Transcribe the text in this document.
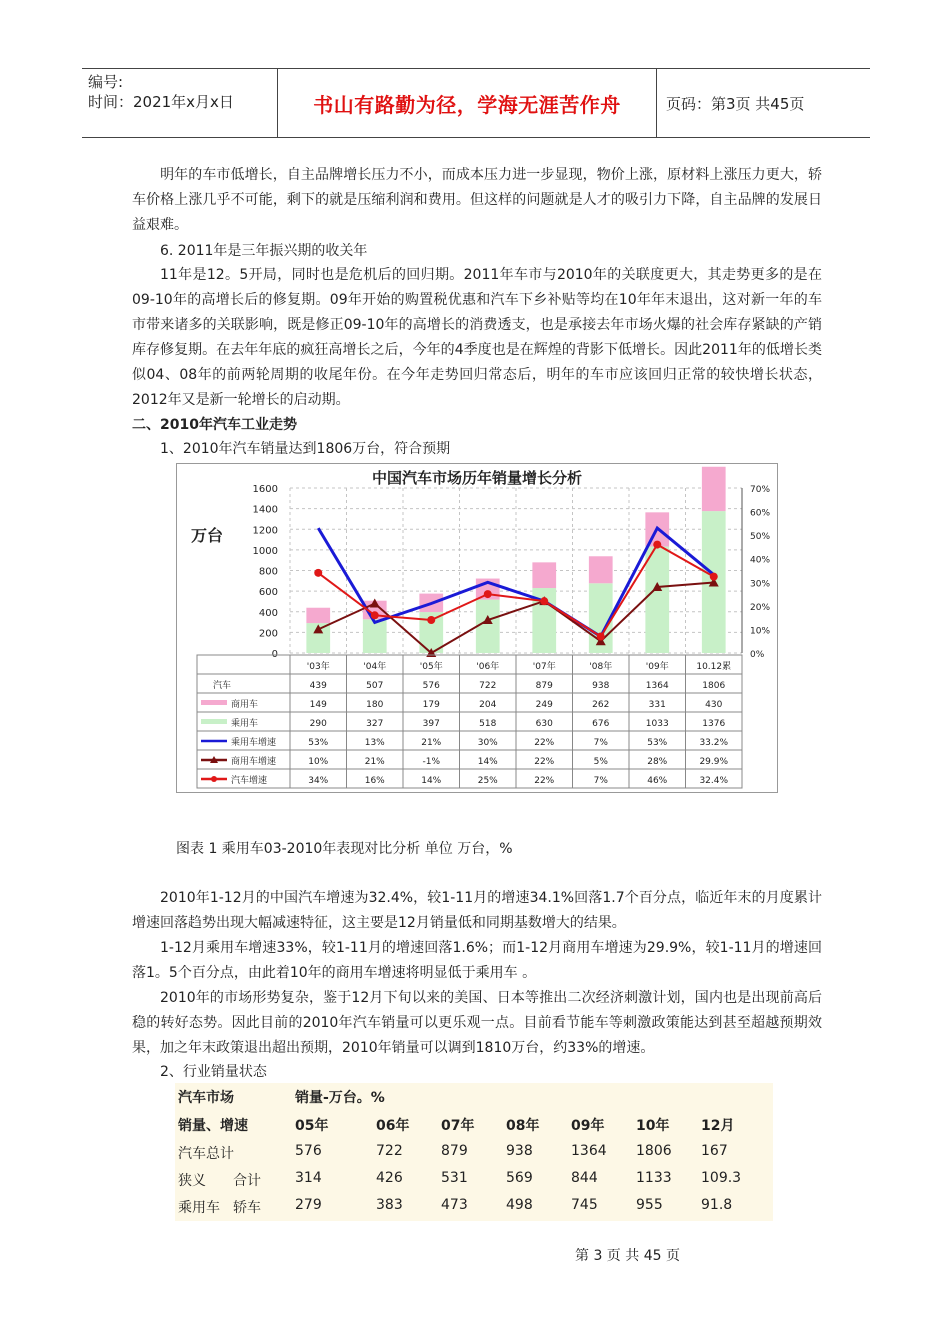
编号:
时间：2021年x月x日	书山有路勤为径，学海无涯苦作舟	页码：第3页 共45页
明年的车市低增长，自主品牌增长压力不小，而成本压力进一步显现，物价上涨，原材料上涨压力更大，轿车价格上涨几乎不可能，剩下的就是压缩利润和费用。但这样的问题就是人才的吸引力下降，自主品牌的发展日益艰难。
6. 2011年是三年振兴期的收关年
11年是12。5开局，同时也是危机后的回归期。2011年车市与2010年的关联度更大，其走势更多的是在09-10年的高增长后的修复期。09年开始的购置税优惠和汽车下乡补贴等均在10年年末退出，这对新一年的车市带来诸多的关联影响，既是修正09-10年的高增长的消费透支，也是承接去年市场火爆的社会库存紧缺的产销库存修复期。在去年年底的疯狂高增长之后，今年的4季度也是在辉煌的背影下低增长。因此2011年的低增长类似04、08年的前两轮周期的收尾年份。在今年走势回归常态后，明年的车市应该回归正常的较快增长状态，2012年又是新一轮增长的启动期。
二、2010年汽车工业走势
1、2010年汽车销量达到1806万台，符合预期
中国汽车市场历年销量增长分析
万台
0
200
400
600
800
1000
1200
1400
1600
0%
10%
20%
30%
40%
50%
60%
70%
'03年	'04年	'05年	'06年	'07年	'08年	'09年	10.12累
汽车	439	507	576	722	879	938	1364	1806
商用车	149	180	179	204	249	262	331	430
乘用车	290	327	397	518	630	676	1033	1376
乘用车增速	53%	13%	21%	30%	22%	7%	53%	33.2%
商用车增速	10%	21%	-1%	14%	22%	5%	28%	29.9%
汽车增速	34%	16%	14%	25%	22%	7%	46%	32.4%
图表 1 乘用车03-2010年表现对比分析 单位 万台，%
2010年1-12月的中国汽车增速为32.4%，较1-11月的增速34.1%回落1.7个百分点，临近年末的月度累计增速回落趋势出现大幅减速特征，这主要是12月销量低和同期基数增大的结果。
1-12月乘用车增速33%，较1-11月的增速回落1.6%；而1-12月商用车增速为29.9%，较1-11月的增速回落1。5个百分点，由此着10年的商用车增速将明显低于乘用车 。
2010年的市场形势复杂，鉴于12月下旬以来的美国、日本等推出二次经济刺激计划，国内也是出现前高后稳的转好态势。因此目前的2010年汽车销量可以更乐观一点。目前看节能车等刺激政策能达到甚至超越预期效果，加之年末政策退出超出预期，2010年销量可以调到1810万台，约33%的增速。
2、行业销量状态
汽车市场	销量-万台。%
销量、增速	05年	06年 07年 08年 09年 10年 12月
汽车总计	576	722	879	938	1364 1806 167
狭义 合计 314	426	531	569	844	1133 109.3
乘用车 轿车 279	383	473	498	745	955	91.8
第 3 页 共 45 页
